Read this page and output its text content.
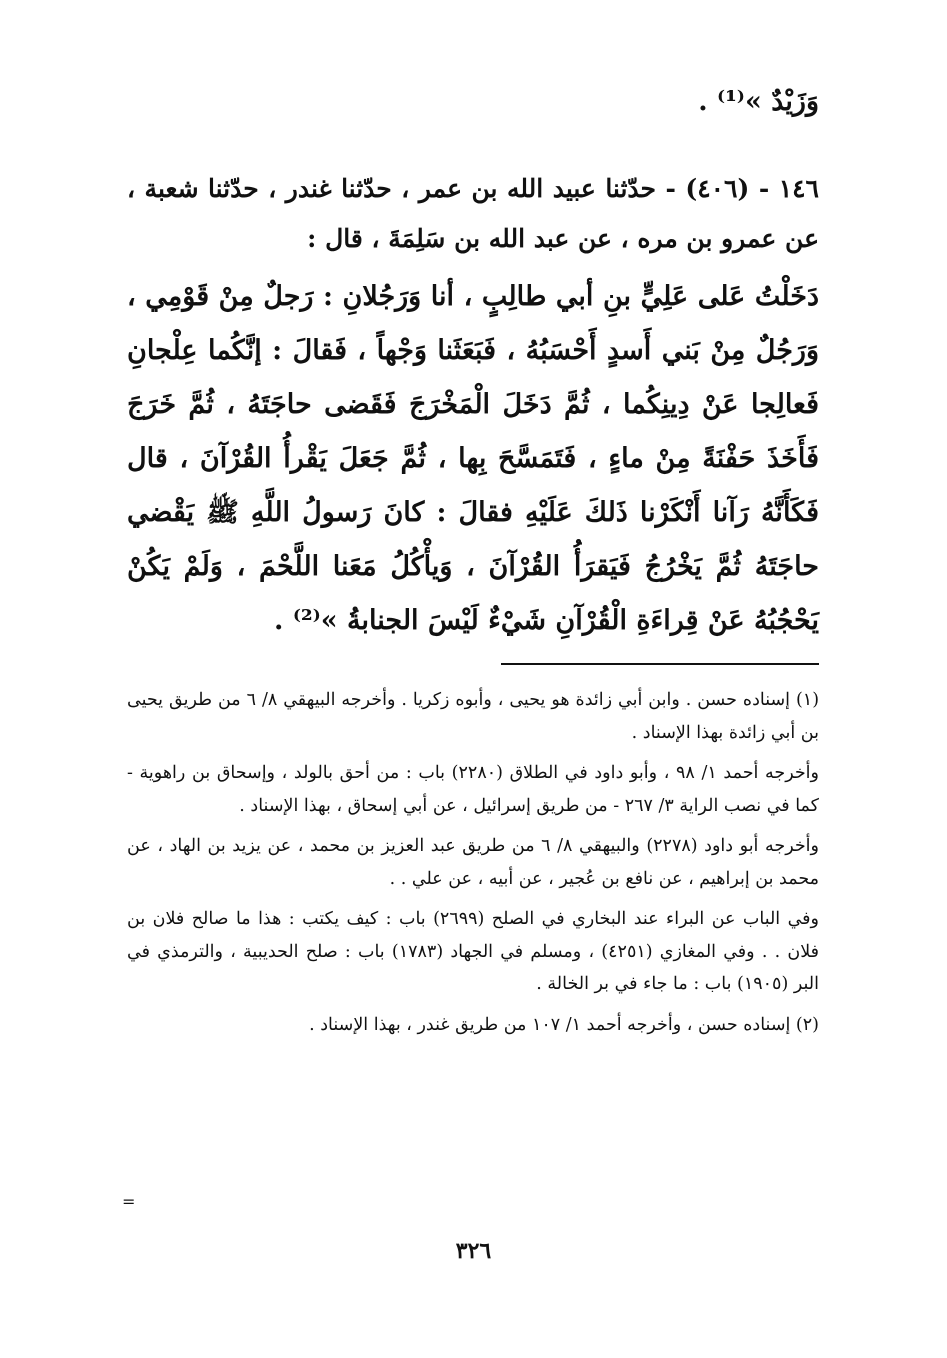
وَزَيْدٌ »⁽¹⁾ .
١٤٦ - (٤٠٦) - حدّثنا عبيد الله بن عمر ، حدّثنا غندر ، حدّثنا شعبة ، عن عمرو بن مره ، عن عبد الله بن سَلِمَةَ ، قال :
دَخَلْتُ عَلى عَلِيٍّ بنِ أبي طالِبٍ ، أنا وَرَجُلانِ : رَجلٌ مِنْ قَوْمِي ، وَرَجُلٌ مِنْ بَني أَسدٍ أَحْسَبُهُ ، فَبَعَثَنا وَجْهاً ، فَقالَ : إنَّكُما عِلْجانِ فَعالِجا عَنْ دِينِكُما ، ثُمَّ دَخَلَ الْمَخْرَجَ فَقَضى حاجَتَهُ ، ثُمَّ خَرَجَ فَأَخَذَ حَفْنَةً مِنْ ماءٍ ، فَتَمَسَّحَ بِها ، ثُمَّ جَعَلَ يَقْرأُ القُرْآنَ ، قال فَكَأَنَّهُ رَآنا أَنْكَرْنا ذَلكَ عَلَيْهِ فقالَ : كانَ رَسولُ اللَّهِ ﷺ يَقْضي حاجَتَهُ ثُمَّ يَخْرُجُ فَيَقرَأُ القُرْآنَ ، وَيأْكُلُ مَعَنا اللَّحْمَ ، وَلَمْ يَكُنْ يَحْجُبُهُ عَنْ قِراءَةِ الْقُرْآنِ شَيْءٌ لَيْسَ الجنابةُ »⁽²⁾ .

(١) إسناده حسن . وابن أبي زائدة هو يحيى ، وأبوه زكريا . وأخرجه البيهقي ٨/ ٦ من طريق يحيى بن أبي زائدة بهذا الإسناد .

وأخرجه أحمد ١/ ٩٨ ، وأبو داود في الطلاق (٢٢٨٠) باب : من أحق بالولد ، وإسحاق بن راهوية - كما في نصب الراية ٣/ ٢٦٧ - من طريق إسرائيل ، عن أبي إسحاق ، بهذا الإسناد .

وأخرجه أبو داود (٢٢٧٨) والبيهقي ٨/ ٦ من طريق عبد العزيز بن محمد ، عن يزيد بن الهاد ، عن محمد بن إبراهيم ، عن نافع بن عُجير ، عن أبيه ، عن علي . .

وفي الباب عن البراء عند البخاري في الصلح (٢٦٩٩) باب : كيف يكتب : هذا ما صالح فلان بن فلان . . وفي المغازي (٤٢٥١) ، ومسلم في الجهاد (١٧٨٣) باب : صلح الحديبية ، والترمذي في البر (١٩٠٥) باب : ما جاء في بر الخالة .

(٢) إسناده حسن ، وأخرجه أحمد ١/ ١٠٧ من طريق غندر ، بهذا الإسناد .

=
٣٢٦
